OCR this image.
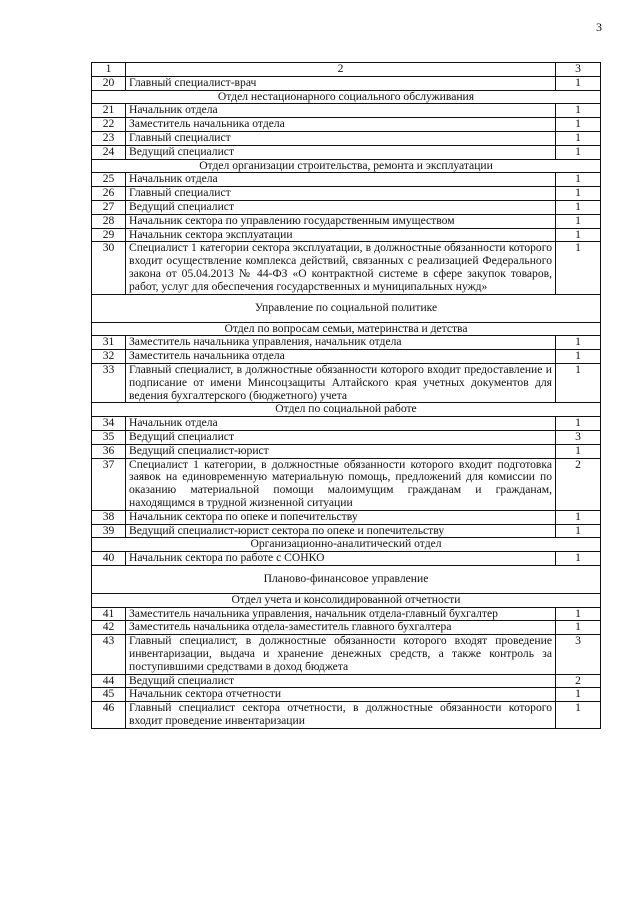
3
1	2	3
20	Главный специалист-врач	1
Отдел нестационарного социального обслуживания		
21	Начальник отдела	1
22	Заместитель начальника отдела	1
23	Главный специалист	1
24	Ведущий специалист	1
Отдел организации строительства, ремонта и эксплуатации		
25	Начальник отдела	1
26	Главный специалист	1
27	Ведущий специалист	1
28	Начальник сектора по управлению государственным имуществом	1
29	Начальник сектора эксплуатации	1
30	Специалист 1 категории сектора эксплуатации, в должностные обязанности которого входит осуществление комплекса действий, связанных с реализацией Федерального закона от 05.04.2013 № 44-ФЗ «О контрактной системе в сфере закупок товаров, работ, услуг для обеспечения государственных и муниципальных нужд»	1
Управление по социальной политике		
Отдел по вопросам семьи, материнства и детства		
31	Заместитель начальника управления, начальник отдела	1
32	Заместитель начальника отдела	1
33	Главный специалист, в должностные обязанности которого входит предоставление и подписание от имени Минсоцзащиты Алтайского края учетных документов для ведения бухгалтерского (бюджетного) учета	1
Отдел по социальной работе		
34	Начальник отдела	1
35	Ведущий специалист	3
36	Ведущий специалист-юрист	1
37	Специалист 1 категории, в должностные обязанности которого входит подготовка заявок на единовременную материальную помощь, предложений для комиссии по оказанию материальной помощи малоимущим гражданам и гражданам, находящимся в трудной жизненной ситуации	2
38	Начальник сектора по опеке и попечительству	1
39	Ведущий специалист-юрист сектора по опеке и попечительству	1
Организационно-аналитический отдел		
40	Начальник сектора по работе с СОНКО	1
Планово-финансовое управление		
Отдел учета и консолидированной отчетности		
41	Заместитель начальника управления, начальник отдела-главный бухгалтер	1
42	Заместитель начальника отдела-заместитель главного бухгалтера	1
43	Главный специалист, в должностные обязанности которого входят проведение инвентаризации, выдача и хранение денежных средств, а также контроль за поступившими средствами в доход бюджета	3
44	Ведущий специалист	2
45	Начальник сектора отчетности	1
46	Главный специалист сектора отчетности, в должностные обязанности которого входит проведение инвентаризации	1
